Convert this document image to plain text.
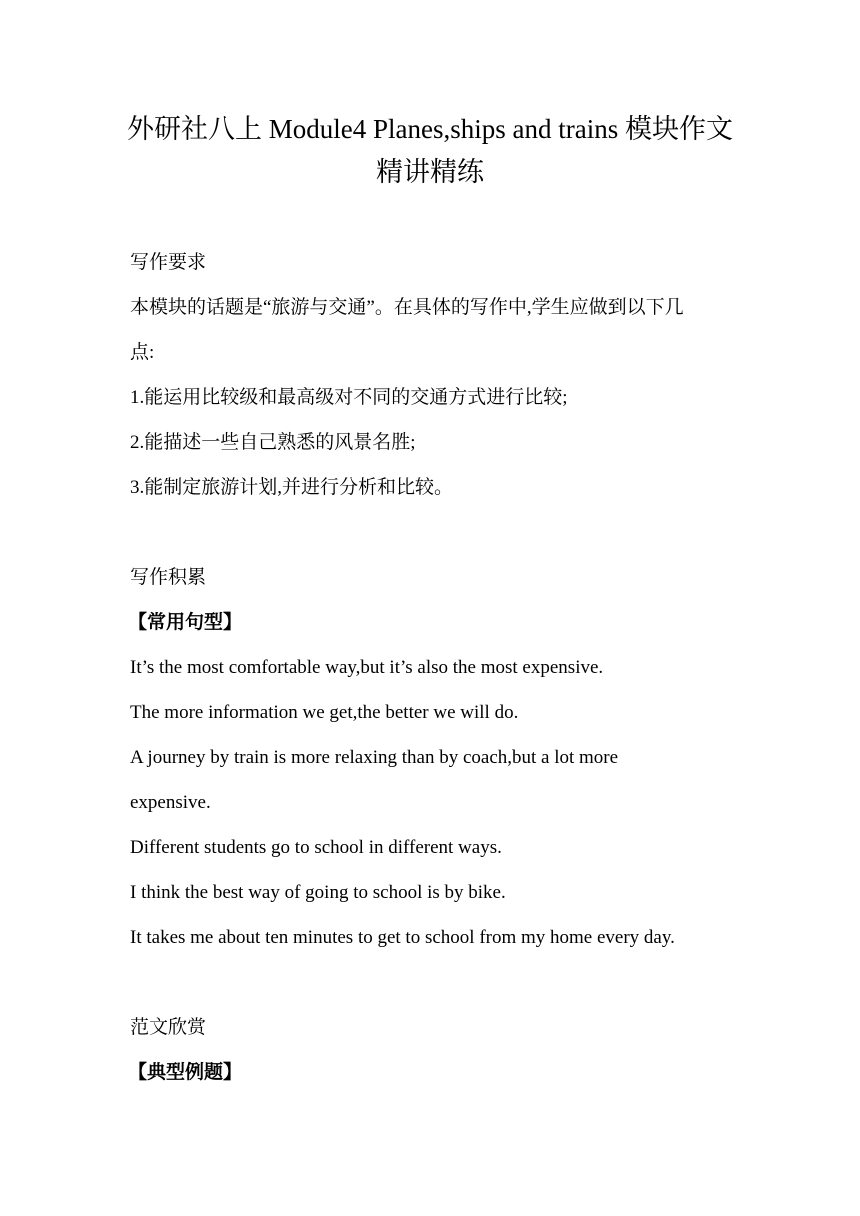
外研社八上 Module4 Planes,ships and trains 模块作文
精讲精练
写作要求
本模块的话题是“旅游与交通”。在具体的写作中,学生应做到以下几
点:
1.能运用比较级和最高级对不同的交通方式进行比较;
2.能描述一些自己熟悉的风景名胜;
3.能制定旅游计划,并进行分析和比较。
写作积累
【常用句型】
It’s the most comfortable way,but it’s also the most expensive.
The more information we get,the better we will do.
A journey by train is more relaxing than by coach,but a lot more
expensive.
Different students go to school in different ways.
I think the best way of going to school is by bike.
It takes me about ten minutes to get to school from my home every day.
范文欣赏
【典型例题】
